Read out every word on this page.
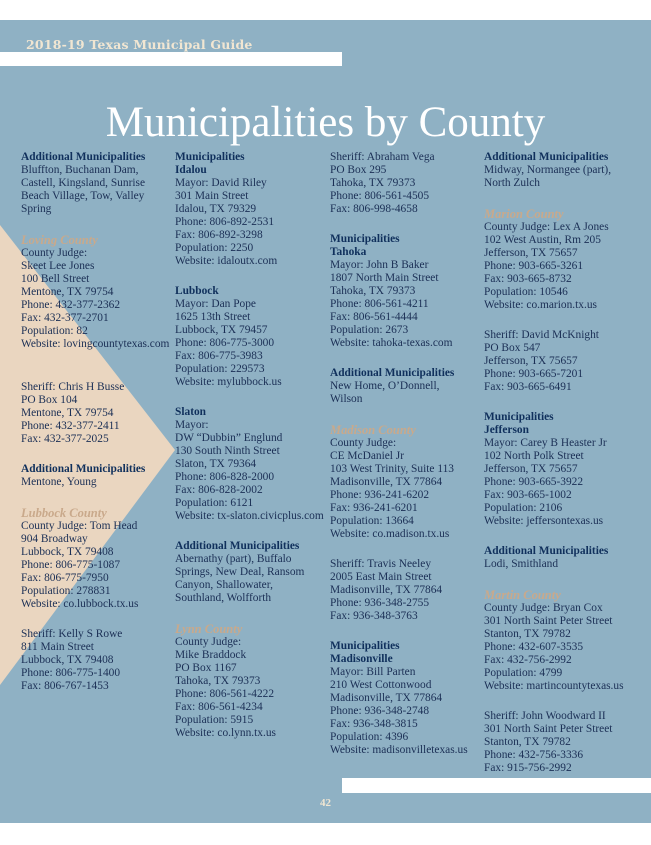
2018-19 Texas Municipal Guide
Municipalities by County
Additional Municipalities
Bluffton, Buchanan Dam,
Castell, Kingsland, Sunrise
Beach Village, Tow, Valley
Spring
Loving County
County Judge:
Skeet Lee Jones
100 Bell Street
Mentone, TX 79754
Phone: 432-377-2362
Fax: 432-377-2701
Population: 82
Website: lovingcountytexas.com
Sheriff: Chris H Busse
PO Box 104
Mentone, TX 79754
Phone: 432-377-2411
Fax: 432-377-2025
Additional Municipalities
Mentone, Young
Lubbock County
County Judge: Tom Head
904 Broadway
Lubbock, TX 79408
Phone: 806-775-1087
Fax: 806-775-7950
Population: 278831
Website: co.lubbock.tx.us
Sheriff: Kelly S Rowe
811 Main Street
Lubbock, TX 79408
Phone: 806-775-1400
Fax: 806-767-1453
Municipalities
Idalou
Mayor: David Riley
301 Main Street
Idalou, TX 79329
Phone: 806-892-2531
Fax: 806-892-3298
Population: 2250
Website: idaloutx.com
Lubbock
Mayor: Dan Pope
1625 13th Street
Lubbock, TX 79457
Phone: 806-775-3000
Fax: 806-775-3983
Population: 229573
Website: mylubbock.us
Slaton
Mayor:
DW “Dubbin” Englund
130 South Ninth Street
Slaton, TX 79364
Phone: 806-828-2000
Fax: 806-828-2002
Population: 6121
Website: tx-slaton.civicplus.com
Additional Municipalities
Abernathy (part), Buffalo
Springs, New Deal, Ransom
Canyon, Shallowater,
Southland, Wolfforth
Lynn County
County Judge:
Mike Braddock
PO Box 1167
Tahoka, TX 79373
Phone: 806-561-4222
Fax: 806-561-4234
Population: 5915
Website: co.lynn.tx.us
Sheriff: Abraham Vega
PO Box 295
Tahoka, TX 79373
Phone: 806-561-4505
Fax: 806-998-4658
Municipalities
Tahoka
Mayor: John B Baker
1807 North Main Street
Tahoka, TX 79373
Phone: 806-561-4211
Fax: 806-561-4444
Population: 2673
Website: tahoka-texas.com
Additional Municipalities
New Home, O’Donnell,
Wilson
Madison County
County Judge:
CE McDaniel Jr
103 West Trinity, Suite 113
Madisonville, TX 77864
Phone: 936-241-6202
Fax: 936-241-6201
Population: 13664
Website: co.madison.tx.us
Sheriff: Travis Neeley
2005 East Main Street
Madisonville, TX 77864
Phone: 936-348-2755
Fax: 936-348-3763
Municipalities
Madisonville
Mayor: Bill Parten
210 West Cottonwood
Madisonville, TX 77864
Phone: 936-348-2748
Fax: 936-348-3815
Population: 4396
Website: madisonvilletexas.us
Additional Municipalities
Midway, Normangee (part),
North Zulch
Marion County
County Judge: Lex A Jones
102 West Austin, Rm 205
Jefferson, TX 75657
Phone: 903-665-3261
Fax: 903-665-8732
Population: 10546
Website: co.marion.tx.us
Sheriff: David McKnight
PO Box 547
Jefferson, TX 75657
Phone: 903-665-7201
Fax: 903-665-6491
Municipalities
Jefferson
Mayor: Carey B Heaster Jr
102 North Polk Street
Jefferson, TX 75657
Phone: 903-665-3922
Fax: 903-665-1002
Population: 2106
Website: jeffersontexas.us
Additional Municipalities
Lodi, Smithland
Martin County
County Judge: Bryan Cox
301 North Saint Peter Street
Stanton, TX 79782
Phone: 432-607-3535
Fax: 432-756-2992
Population: 4799
Website: martincountytexas.us
Sheriff: John Woodward II
301 North Saint Peter Street
Stanton, TX 79782
Phone: 432-756-3336
Fax: 915-756-2992
42
